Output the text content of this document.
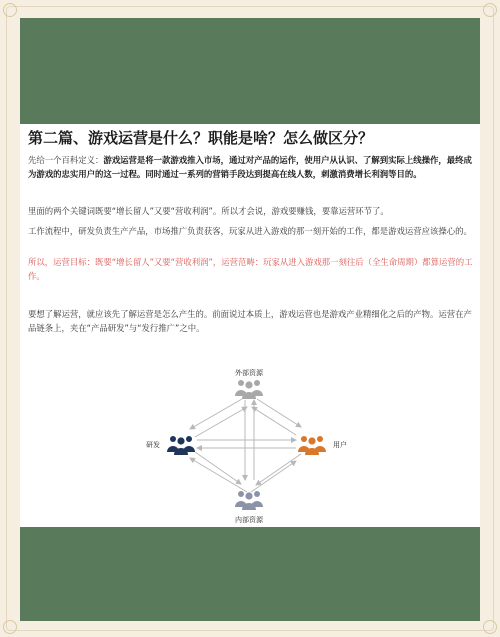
第二篇、游戏运营是什么？职能是啥？怎么做区分？
先给一个百科定义：游戏运营是将一款游戏推入市场，通过对产品的运作，使用户从认识、了解到实际上线操作，最终成为游戏的忠实用户的这一过程。同时通过一系列的营销手段达到提高在线人数，刺激消费增长利润等目的。
里面的两个关键词既要“增长留人”又要“营收利润”。所以才会说，游戏要赚钱，要靠运营环节了。
工作流程中，研发负责生产产品，市场推广负责获客，玩家从进入游戏的那一刻开始的工作，都是游戏运营应该操心的。
所以，运营目标：既要“增长留人”又要“营收利润”，运营范畴：玩家从进入游戏那一刻往后（全生命周期）都算运营的工作。
要想了解运营，就应该先了解运营是怎么产生的。前面说过本质上，游戏运营也是游戏产业精细化之后的产物。运营在产品链条上，夹在“产品研发”与“发行推广”之中。
外部资源
研发	用户
内部资源
